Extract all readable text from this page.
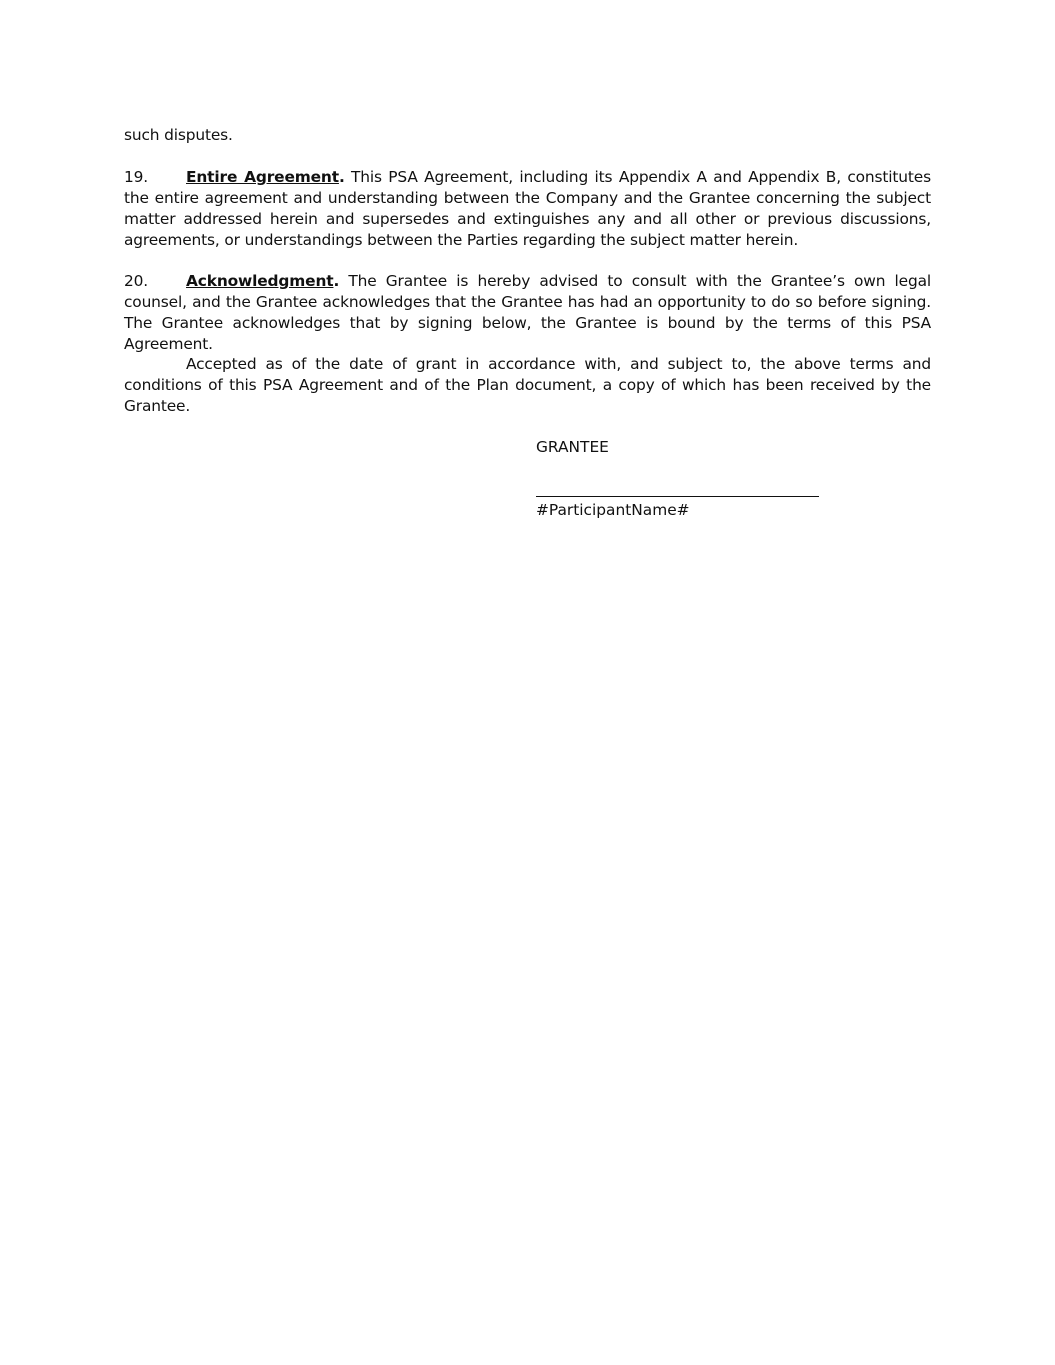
such disputes.
19. Entire Agreement. This PSA Agreement, including its Appendix A and Appendix B, constitutes the entire agreement and understanding between the Company and the Grantee concerning the subject matter addressed herein and supersedes and extinguishes any and all other or previous discussions, agreements, or understandings between the Parties regarding the subject matter herein.
20. Acknowledgment. The Grantee is hereby advised to consult with the Grantee’s own legal counsel, and the Grantee acknowledges that the Grantee has had an opportunity to do so before signing. The Grantee acknowledges that by signing below, the Grantee is bound by the terms of this PSA Agreement.
Accepted as of the date of grant in accordance with, and subject to, the above terms and conditions of this PSA Agreement and of the Plan document, a copy of which has been received by the Grantee.
GRANTEE
#ParticipantName#
